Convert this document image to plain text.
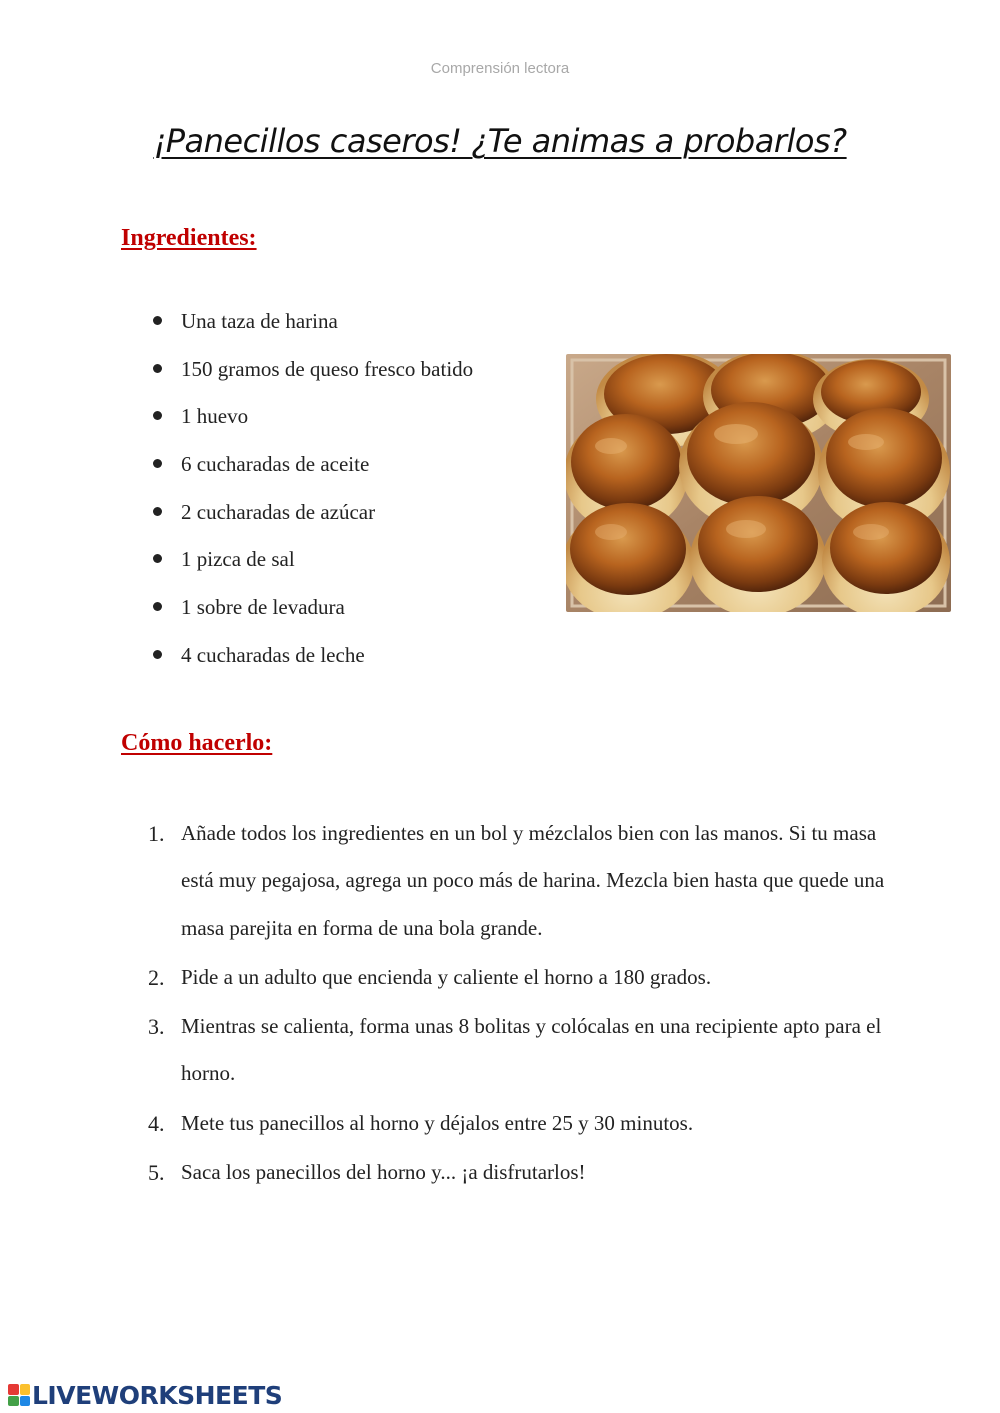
Comprensión lectora
¡Panecillos caseros! ¿Te animas a probarlos?
Ingredientes:
Una taza de harina
150 gramos de queso fresco batido
1 huevo
6 cucharadas de aceite
2 cucharadas de azúcar
1 pizca de sal
1 sobre de levadura
4 cucharadas de leche
Cómo hacerlo:
1. Añade todos los ingredientes en un bol y mézclalos bien con las manos. Si tu masa está muy pegajosa, agrega un poco más de harina. Mezcla bien hasta que quede una masa parejita en forma de una bola grande.
2. Pide a un adulto que encienda y caliente el horno a 180 grados.
3. Mientras se calienta, forma unas 8 bolitas y colócalas en una recipiente apto para el horno.
4. Mete tus panecillos al horno y déjalos entre 25 y 30 minutos.
5. Saca los panecillos del horno y... ¡a disfrutarlos!
LIVEWORKSHEETS
